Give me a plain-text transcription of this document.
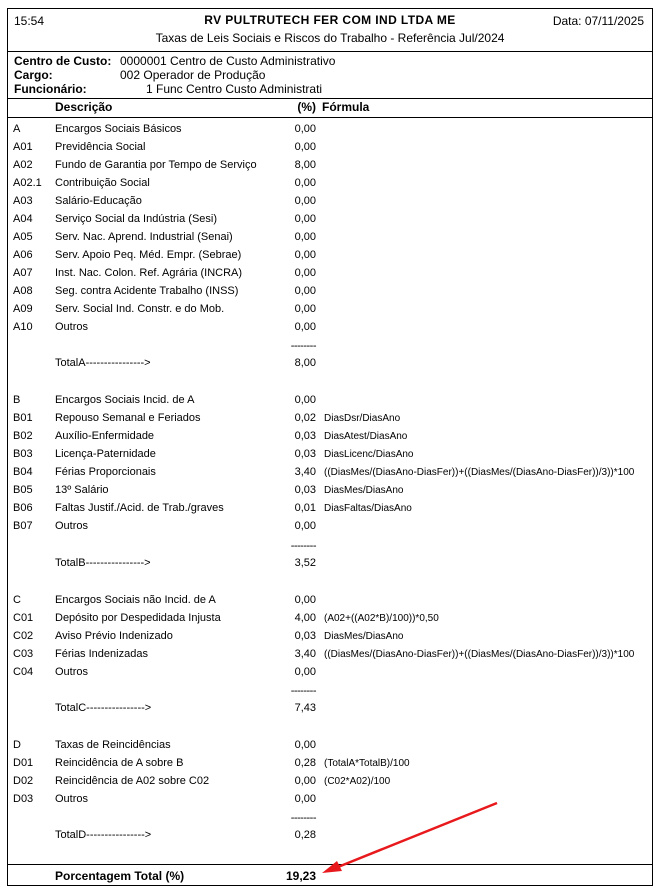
15:54	RV PULTRUTECH FER COM IND LTDA ME	Data: 07/11/2025
Taxas de Leis Sociais e Riscos do Trabalho - Referência Jul/2024
Centro de Custo: 0000001 Centro de Custo Administrativo
Cargo:	002 Operador de Produção
Funcionário:	1 Func Centro Custo Administrati
Descrição	(%) Fórmula
A	Encargos Sociais Básicos	0,00
A01 Previdência Social	0,00
A02 Fundo de Garantia por Tempo de Serviço	8,00
A02.1 Contribuição Social	0,00
A03 Salário-Educação	0,00
A04 Serviço Social da Indústria (Sesi)	0,00
A05 Serv. Nac. Aprend. Industrial (Senai)	0,00
A06 Serv. Apoio Peq. Méd. Empr. (Sebrae)	0,00
A07 Inst. Nac. Colon. Ref. Agrária (INCRA)	0,00
A08 Seg. contra Acidente Trabalho (INSS)	0,00
A09 Serv. Social Ind. Constr. e do Mob.	0,00
A10 Outros	0,00
--------
TotalA---------------->	8,00
B	Encargos Sociais Incid. de A	0,00
B01 Repouso Semanal e Feriados	0,02 DiasDsr/DiasAno
B02 Auxílio-Enfermidade	0,03 DiasAtest/DiasAno
B03 Licença-Paternidade	0,03 DiasLicenc/DiasAno
B04 Férias Proporcionais	3,40 ((DiasMes/(DiasAno-DiasFer))+((DiasMes/(DiasAno-DiasFer))/3))*100
B05 13º Salário	0,03 DiasMes/DiasAno
B06 Faltas Justif./Acid. de Trab./graves	0,01 DiasFaltas/DiasAno
B07 Outros	0,00
--------
TotalB---------------->	3,52
C	Encargos Sociais não Incid. de A	0,00
C01 Depósito por Despedidada Injusta	4,00 (A02+((A02*B)/100))*0,50
C02 Aviso Prévio Indenizado	0,03 DiasMes/DiasAno
C03 Férias Indenizadas	3,40 ((DiasMes/(DiasAno-DiasFer))+((DiasMes/(DiasAno-DiasFer))/3))*100
C04 Outros	0,00
--------
TotalC---------------->	7,43
D	Taxas de Reincidências	0,00
D01 Reincidência de A sobre B	0,28 (TotalA*TotalB)/100
D02 Reincidência de A02 sobre C02	0,00 (C02*A02)/100
D03 Outros	0,00
--------
TotalD---------------->	0,28
Porcentagem Total (%)	19,23
